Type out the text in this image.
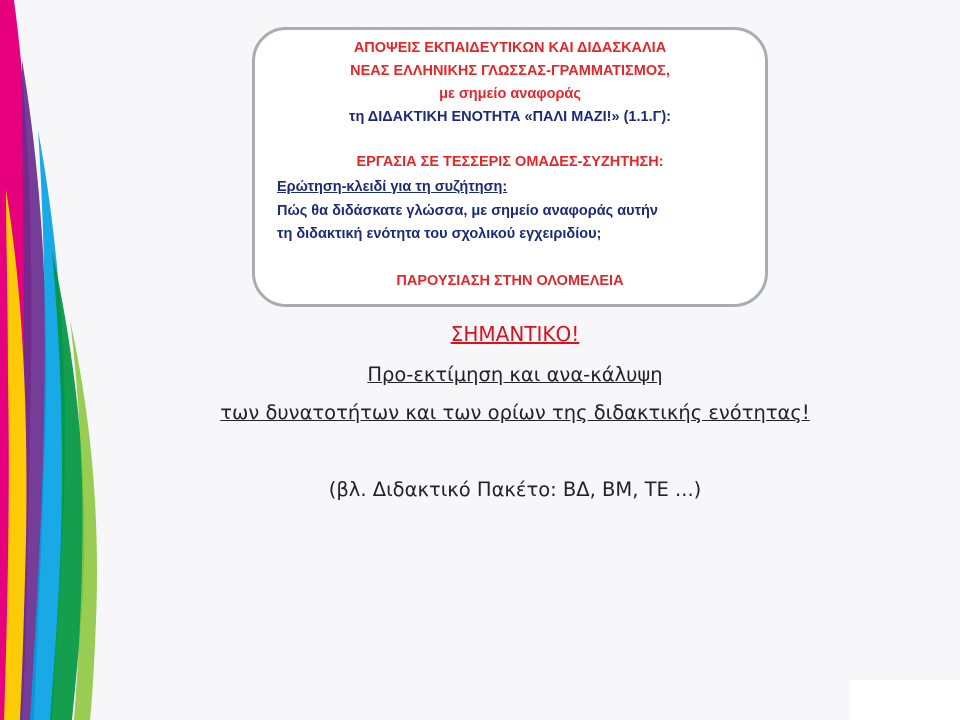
ΑΠΟΨΕΙΣ ΕΚΠΑΙΔΕΥΤΙΚΩΝ ΚΑΙ ΔΙΔΑΣΚΑΛΙΑ
ΝΕΑΣ ΕΛΛΗΝΙΚΗΣ ΓΛΩΣΣΑΣ-ΓΡΑΜΜΑΤΙΣΜΟΣ,
με σημείο αναφοράς
τη ΔΙΔΑΚΤΙΚΗ ΕΝΟΤΗΤΑ «ΠΑΛΙ ΜΑΖΙ!» (1.1.Γ):
ΕΡΓΑΣΙΑ ΣΕ ΤΕΣΣΕΡΙΣ ΟΜΑΔΕΣ-ΣΥΖΗΤΗΣΗ:
Ερώτηση-κλειδί για τη συζήτηση:
Πώς θα διδάσκατε γλώσσα, με σημείο αναφοράς αυτήν
τη διδακτική ενότητα του σχολικού εγχειριδίου;
ΠΑΡΟΥΣΙΑΣΗ ΣΤΗΝ ΟΛΟΜΕΛΕΙΑ
ΣΗΜΑΝΤΙΚΟ!
Προ-εκτίμηση και ανα-κάλυψη
των δυνατοτήτων και των ορίων της διδακτικής ενότητας!
(βλ. Διδακτικό Πακέτο: ΒΔ, ΒΜ, ΤΕ ...)
